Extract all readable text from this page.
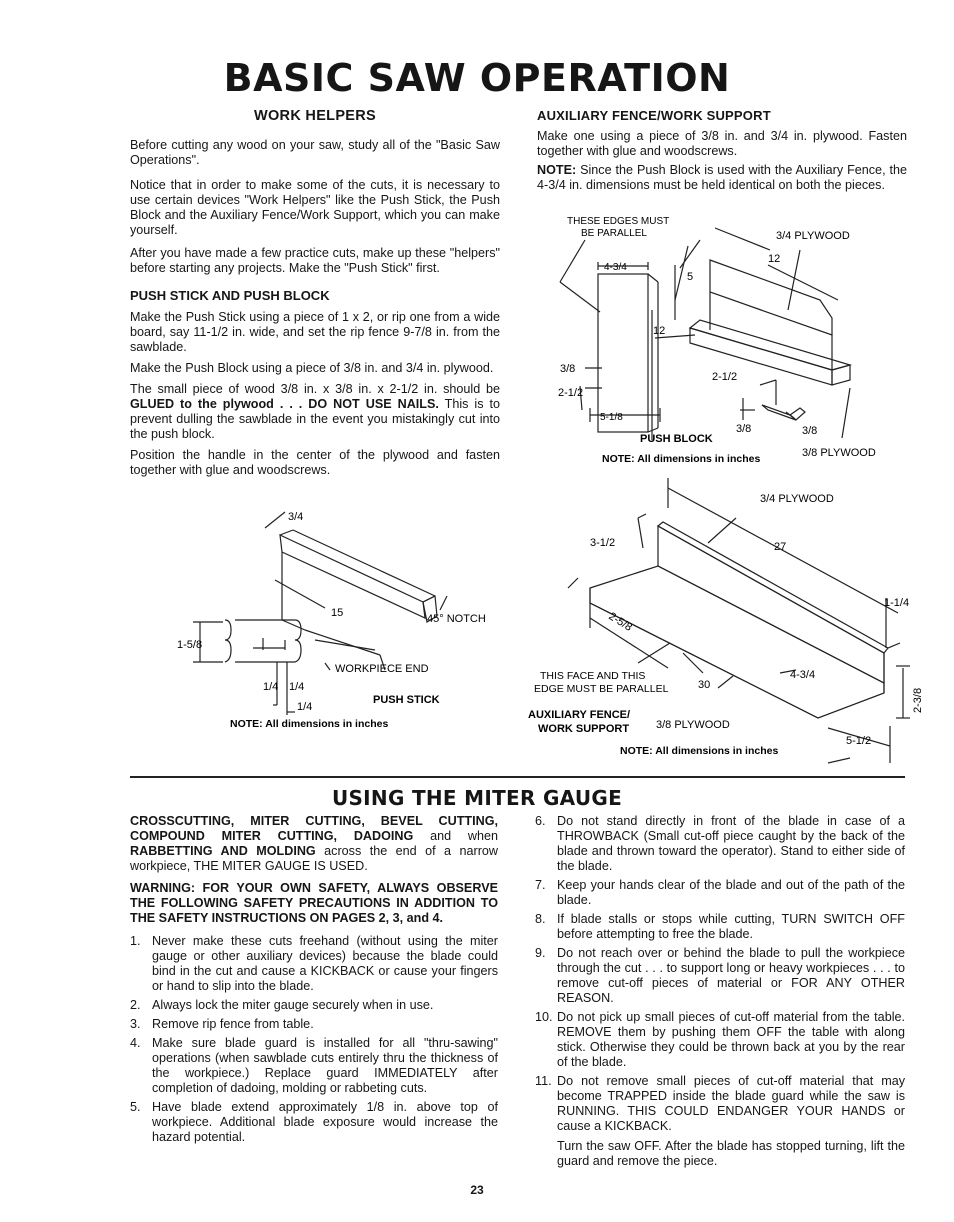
BASIC SAW OPERATION
WORK HELPERS
Before cutting any wood on your saw, study all of the "Basic Saw Operations".
Notice that in order to make some of the cuts, it is necessary to use certain devices "Work Helpers" like the Push Stick, the Push Block and the Auxiliary Fence/Work Support, which you can make yourself.
After you have made a few practice cuts, make up these "helpers" before starting any projects. Make the "Push Stick" first.
PUSH STICK AND PUSH BLOCK
Make the Push Stick using a piece of 1 x 2, or rip one from a wide board, say 11-1/2 in. wide, and set the rip fence 9-7/8 in. from the sawblade.
Make the Push Block using a piece of 3/8 in. and 3/4 in. plywood.
The small piece of wood 3/8 in. x 3/8 in. x 2-1/2 in. should be GLUED to the plywood . . . DO NOT USE NAILS. This is to prevent dulling the sawblade in the event you mistakingly cut into the push block.
Position the handle in the center of the plywood and fasten together with glue and woodscrews.
AUXILIARY FENCE/WORK SUPPORT
Make one using a piece of 3/8 in. and 3/4 in. plywood. Fasten together with glue and woodscrews.
NOTE: Since the Push Block is used with the Auxiliary Fence, the 4-3/4 in. dimensions must be held identical on both the pieces.
THESE EDGES MUST
BE PARALLEL	3/4 PLYWOOD
4-3/4
5
12
12
3/8
2-1/2
2-1/2
5-1/8
3/8	3/8
PUSH BLOCK
NOTE: All dimensions in inches	3/8 PLYWOOD
3/4
15	45° NOTCH
1-5/8
WORKPIECE END
1/4 1/4
1/4
PUSH STICK
NOTE: All dimensions in inches
3/4 PLYWOOD
3-1/2	27
2-5/8
1-1/4
THIS FACE AND THIS
EDGE MUST BE PARALLEL	30
4-3/4
2-3/8
AUXILIARY FENCE/
WORK SUPPORT 3/8 PLYWOOD
5-1/2
NOTE: All dimensions in inches
USING THE MITER GAUGE
CROSSCUTTING, MITER CUTTING, BEVEL CUTTING, COMPOUND MITER CUTTING, DADOING and when RABBETTING AND MOLDING across the end of a narrow workpiece, THE MITER GAUGE IS USED.
WARNING: FOR YOUR OWN SAFETY, ALWAYS OBSERVE THE FOLLOWING SAFETY PRECAUTIONS IN ADDITION TO THE SAFETY INSTRUCTIONS ON PAGES 2, 3, and 4.
1. Never make these cuts freehand (without using the miter gauge or other auxiliary devices) because the blade could bind in the cut and cause a KICKBACK or cause your fingers or hand to slip into the blade.
2. Always lock the miter gauge securely when in use.
3. Remove rip fence from table.
4. Make sure blade guard is installed for all "thru-sawing" operations (when sawblade cuts entirely thru the thickness of the workpiece.) Replace guard IMMEDIATELY after completion of dadoing, molding or rabbeting cuts.
5. Have blade extend approximately 1/8 in. above top of workpiece. Additional blade exposure would increase the hazard potential.
6. Do not stand directly in front of the blade in case of a THROWBACK (Small cut-off piece caught by the back of the blade and thrown toward the operator). Stand to either side of the blade.
7. Keep your hands clear of the blade and out of the path of the blade.
8. If blade stalls or stops while cutting, TURN SWITCH OFF before attempting to free the blade.
9. Do not reach over or behind the blade to pull the workpiece through the cut . . . to support long or heavy workpieces . . . to remove cut-off pieces of material or FOR ANY OTHER REASON.
10. Do not pick up small pieces of cut-off material from the table. REMOVE them by pushing them OFF the table with along stick. Otherwise they could be thrown back at you by the rear of the blade.
11. Do not remove small pieces of cut-off material that may become TRAPPED inside the blade guard while the saw is RUNNING. THIS COULD ENDANGER YOUR HANDS or cause a KICKBACK.
Turn the saw OFF. After the blade has stopped turning, lift the guard and remove the piece.
23
